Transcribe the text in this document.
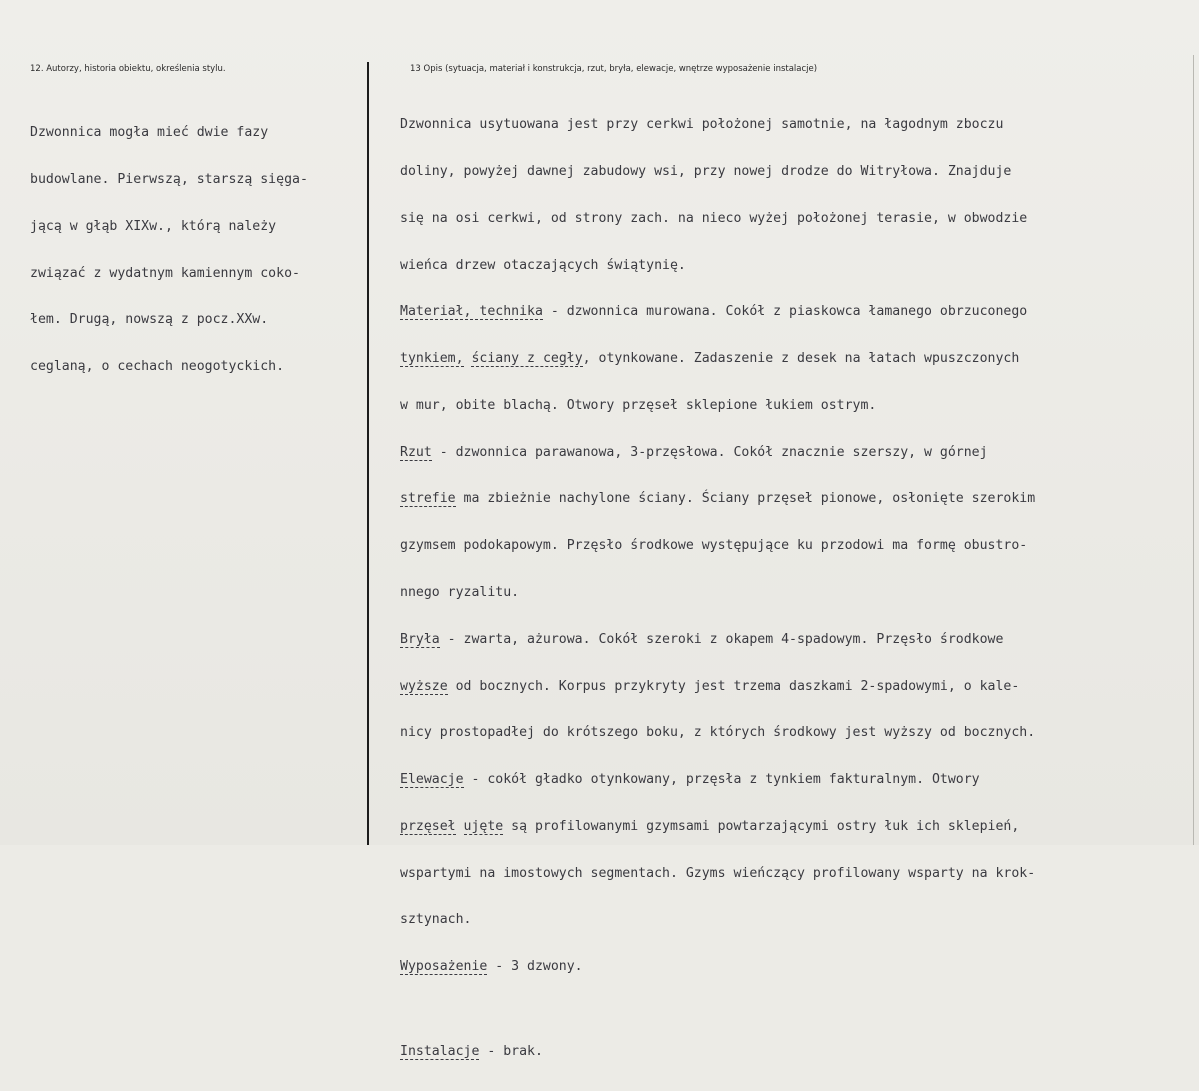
12. Autorzy, historia obiektu, określenia stylu.	13 Opis (sytuacja, materiał i konstrukcja, rzut, bryła, elewacje, wnętrze wyposażenie instalacje)

Dzwonnica mogła mieć dwie fazy

budowlane. Pierwszą, starszą sięga-

jącą w głąb XIXw., którą należy

związać z wydatnym kamiennym coko-

łem. Drugą, nowszą z pocz.XXw.

ceglaną, o cechach neogotyckich.

Dzwonnica usytuowana jest przy cerkwi położonej samotnie, na łagodnym zboczu

doliny, powyżej dawnej zabudowy wsi, przy nowej drodze do Witryłowa. Znajduje

się na osi cerkwi, od strony zach. na nieco wyżej położonej terasie, w obwodzie

wieńca drzew otaczających świątynię.

Materiał, technika - dzwonnica murowana. Cokół z piaskowca łamanego obrzuconego

tynkiem, ściany z cegły, otynkowane. Zadaszenie z desek na łatach wpuszczonych

w mur, obite blachą. Otwory przęseł sklepione łukiem ostrym.

Rzut - dzwonnica parawanowa, 3-przęsłowa. Cokół znacznie szerszy, w górnej

strefie ma zbieżnie nachylone ściany. Ściany przęseł pionowe, osłonięte szerokim

gzymsem podokapowym. Przęsło środkowe występujące ku przodowi ma formę obustro-

nnego ryzalitu.

Bryła - zwarta, ażurowa. Cokół szeroki z okapem 4-spadowym. Przęsło środkowe

wyższe od bocznych. Korpus przykryty jest trzema daszkami 2-spadowymi, o kale-

nicy prostopadłej do krótszego boku, z których środkowy jest wyższy od bocznych.

Elewacje - cokół gładko otynkowany, przęsła z tynkiem fakturalnym. Otwory

przęseł ujęte są profilowanymi gzymsami powtarzającymi ostry łuk ich sklepień,

wspartymi na imostowych segmentach. Gzyms wieńczący profilowany wsparty na krok-

sztynach.

Wyposażenie - 3 dzwony.

Instalacje - brak.
